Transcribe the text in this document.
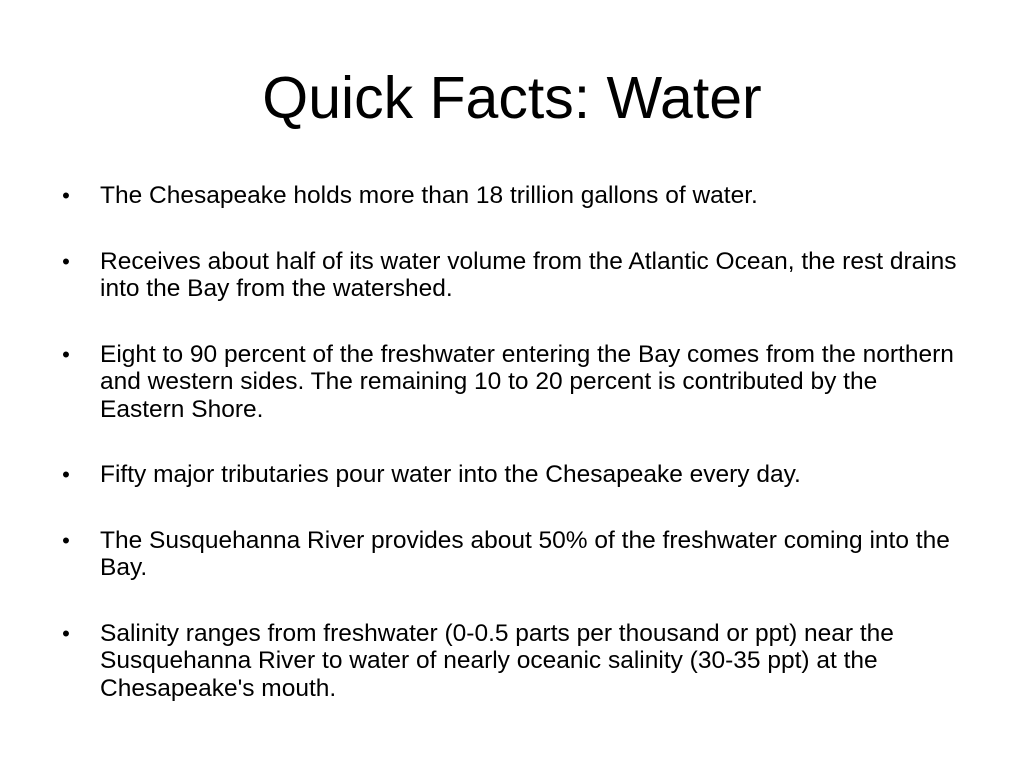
Quick Facts: Water
• The Chesapeake holds more than 18 trillion gallons of water.
• Receives about half of its water volume from the Atlantic Ocean, the rest drains into the Bay from the watershed.
• Eight to 90 percent of the freshwater entering the Bay comes from the northern and western sides. The remaining 10 to 20 percent is contributed by the Eastern Shore.
• Fifty major tributaries pour water into the Chesapeake every day.
• The Susquehanna River provides about 50% of the freshwater coming into the Bay.
• Salinity ranges from freshwater (0-0.5 parts per thousand or ppt) near the Susquehanna River to water of nearly oceanic salinity (30-35 ppt) at the Chesapeake's mouth.
